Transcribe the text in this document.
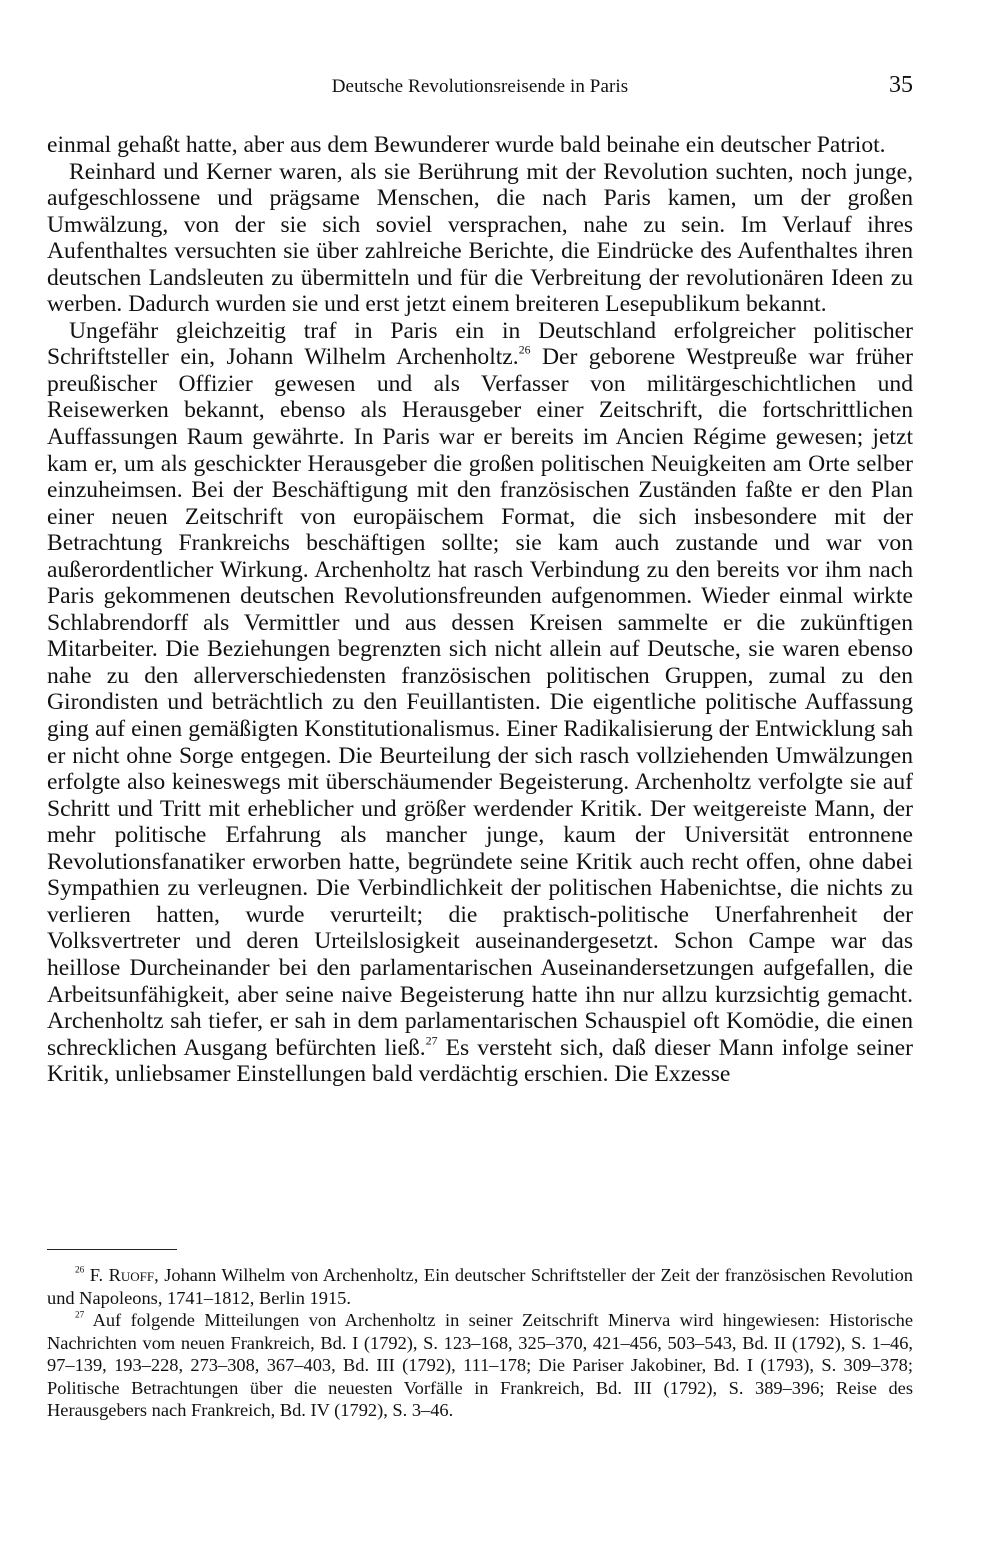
Deutsche Revolutionsreisende in Paris	35

einmal gehaßt hatte, aber aus dem Bewunderer wurde bald beinahe ein deutscher Patriot.

Reinhard und Kerner waren, als sie Berührung mit der Revolution suchten, noch junge, aufgeschlossene und prägsame Menschen, die nach Paris kamen, um der großen Umwälzung, von der sie sich soviel versprachen, nahe zu sein. Im Verlauf ihres Aufenthaltes versuchten sie über zahlreiche Berichte, die Eindrücke des Aufenthaltes ihren deutschen Landsleuten zu übermitteln und für die Verbreitung der revolutionären Ideen zu werben. Dadurch wurden sie und erst jetzt einem breiteren Lesepublikum bekannt.

Ungefähr gleichzeitig traf in Paris ein in Deutschland erfolgreicher politischer Schriftsteller ein, Johann Wilhelm Archenholtz.$^{26}$ Der geborene Westpreuße war früher preußischer Offizier gewesen und als Verfasser von militärgeschichtlichen und Reisewerken bekannt, ebenso als Herausgeber einer Zeitschrift, die fortschrittlichen Auffassungen Raum gewährte. In Paris war er bereits im Ancien Régime gewesen; jetzt kam er, um als geschickter Herausgeber die großen politischen Neuigkeiten am Orte selber einzuheimsen. Bei der Beschäftigung mit den französischen Zuständen faßte er den Plan einer neuen Zeitschrift von europäischem Format, die sich insbesondere mit der Betrachtung Frankreichs beschäftigen sollte; sie kam auch zustande und war von außerordentlicher Wirkung. Archenholtz hat rasch Verbindung zu den bereits vor ihm nach Paris gekommenen deutschen Revolutionsfreunden aufgenommen. Wieder einmal wirkte Schlabrendorff als Vermittler und aus dessen Kreisen sammelte er die zukünftigen Mitarbeiter. Die Beziehungen begrenzten sich nicht allein auf Deutsche, sie waren ebenso nahe zu den allerverschiedensten französischen politischen Gruppen, zumal zu den Girondisten und beträchtlich zu den Feuillantisten. Die eigentliche politische Auffassung ging auf einen gemäßigten Konstitutionalismus. Einer Radikalisierung der Entwicklung sah er nicht ohne Sorge entgegen. Die Beurteilung der sich rasch vollziehenden Umwälzungen erfolgte also keineswegs mit überschäumender Begeisterung. Archenholtz verfolgte sie auf Schritt und Tritt mit erheblicher und größer werdender Kritik. Der weitgereiste Mann, der mehr politische Erfahrung als mancher junge, kaum der Universität entronnene Revolutionsfanatiker erworben hatte, begründete seine Kritik auch recht offen, ohne dabei Sympathien zu verleugnen. Die Verbindlichkeit der politischen Habenichtse, die nichts zu verlieren hatten, wurde verurteilt; die praktisch-politische Unerfahrenheit der Volksvertreter und deren Urteilslosigkeit auseinandergesetzt. Schon Campe war das heillose Durcheinander bei den parlamentarischen Auseinandersetzungen aufgefallen, die Arbeitsunfähigkeit, aber seine naive Begeisterung hatte ihn nur allzu kurzsichtig gemacht. Archenholtz sah tiefer, er sah in dem parlamentarischen Schauspiel oft Komödie, die einen schrecklichen Ausgang befürchten ließ.$^{27}$ Es versteht sich, daß dieser Mann infolge seiner Kritik, unliebsamer Einstellungen bald verdächtig erschien. Die Exzesse

$^{26}$ F. Ruoff, Johann Wilhelm von Archenholtz, Ein deutscher Schriftsteller der Zeit der französischen Revolution und Napoleons, 1741–1812, Berlin 1915.

$^{27}$ Auf folgende Mitteilungen von Archenholtz in seiner Zeitschrift Minerva wird hingewiesen: Historische Nachrichten vom neuen Frankreich, Bd. I (1792), S. 123–168, 325–370, 421–456, 503–543, Bd. II (1792), S. 1–46, 97–139, 193–228, 273–308, 367–403, Bd. III (1792), 111–178; Die Pariser Jakobiner, Bd. I (1793), S. 309–378; Politische Betrachtungen über die neuesten Vorfälle in Frankreich, Bd. III (1792), S. 389–396; Reise des Herausgebers nach Frankreich, Bd. IV (1792), S. 3–46.
